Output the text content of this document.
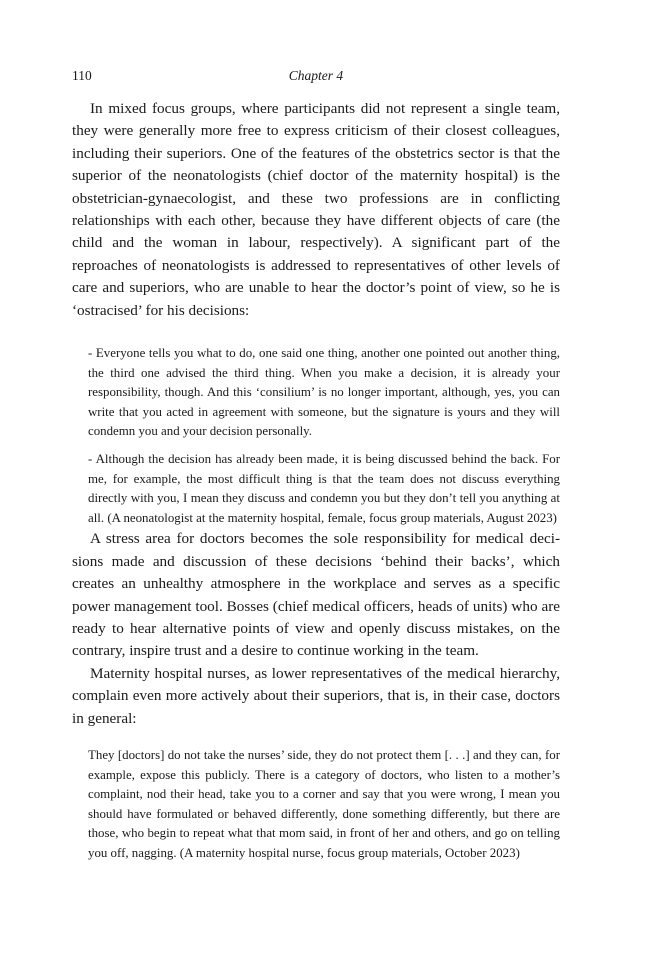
110	Chapter 4

In mixed focus groups, where participants did not represent a single team, they were generally more free to express criticism of their closest colleagues, including their superiors. One of the features of the obstetrics sector is that the superior of the neonatologists (chief doctor of the maternity hospital) is the obstetrician-gynaecologist, and these two professions are in conflicting relationships with each other, because they have different objects of care (the child and the woman in labour, respectively). A significant part of the reproaches of neonatologists is addressed to representatives of other levels of care and superiors, who are unable to hear the doctor’s point of view, so he is ‘ostracised’ for his decisions:

- Everyone tells you what to do, one said one thing, another one pointed out another thing, the third one advised the third thing. When you make a decision, it is already your responsibility, though. And this ‘consilium’ is no longer important, although, yes, you can write that you acted in agreement with someone, but the signature is yours and they will condemn you and your decision personally.

- Although the decision has already been made, it is being discussed behind the back. For me, for example, the most difficult thing is that the team does not discuss everything directly with you, I mean they discuss and condemn you but they don’t tell you anything at all. (A neonatologist at the maternity hospital, female, focus group materials, August 2023)

A stress area for doctors becomes the sole responsibility for medical decisions made and discussion of these decisions ‘behind their backs’, which creates an unhealthy atmosphere in the workplace and serves as a specific power management tool. Bosses (chief medical officers, heads of units) who are ready to hear alternative points of view and openly discuss mistakes, on the contrary, inspire trust and a desire to continue working in the team.

Maternity hospital nurses, as lower representatives of the medical hierarchy, complain even more actively about their superiors, that is, in their case, doctors in general:

They [doctors] do not take the nurses’ side, they do not protect them [. . .] and they can, for example, expose this publicly. There is a category of doctors, who listen to a mother’s complaint, nod their head, take you to a corner and say that you were wrong, I mean you should have formulated or behaved differently, done something differently, but there are those, who begin to repeat what that mom said, in front of her and others, and go on telling you off, nagging. (A maternity hospital nurse, focus group materials, October 2023)
